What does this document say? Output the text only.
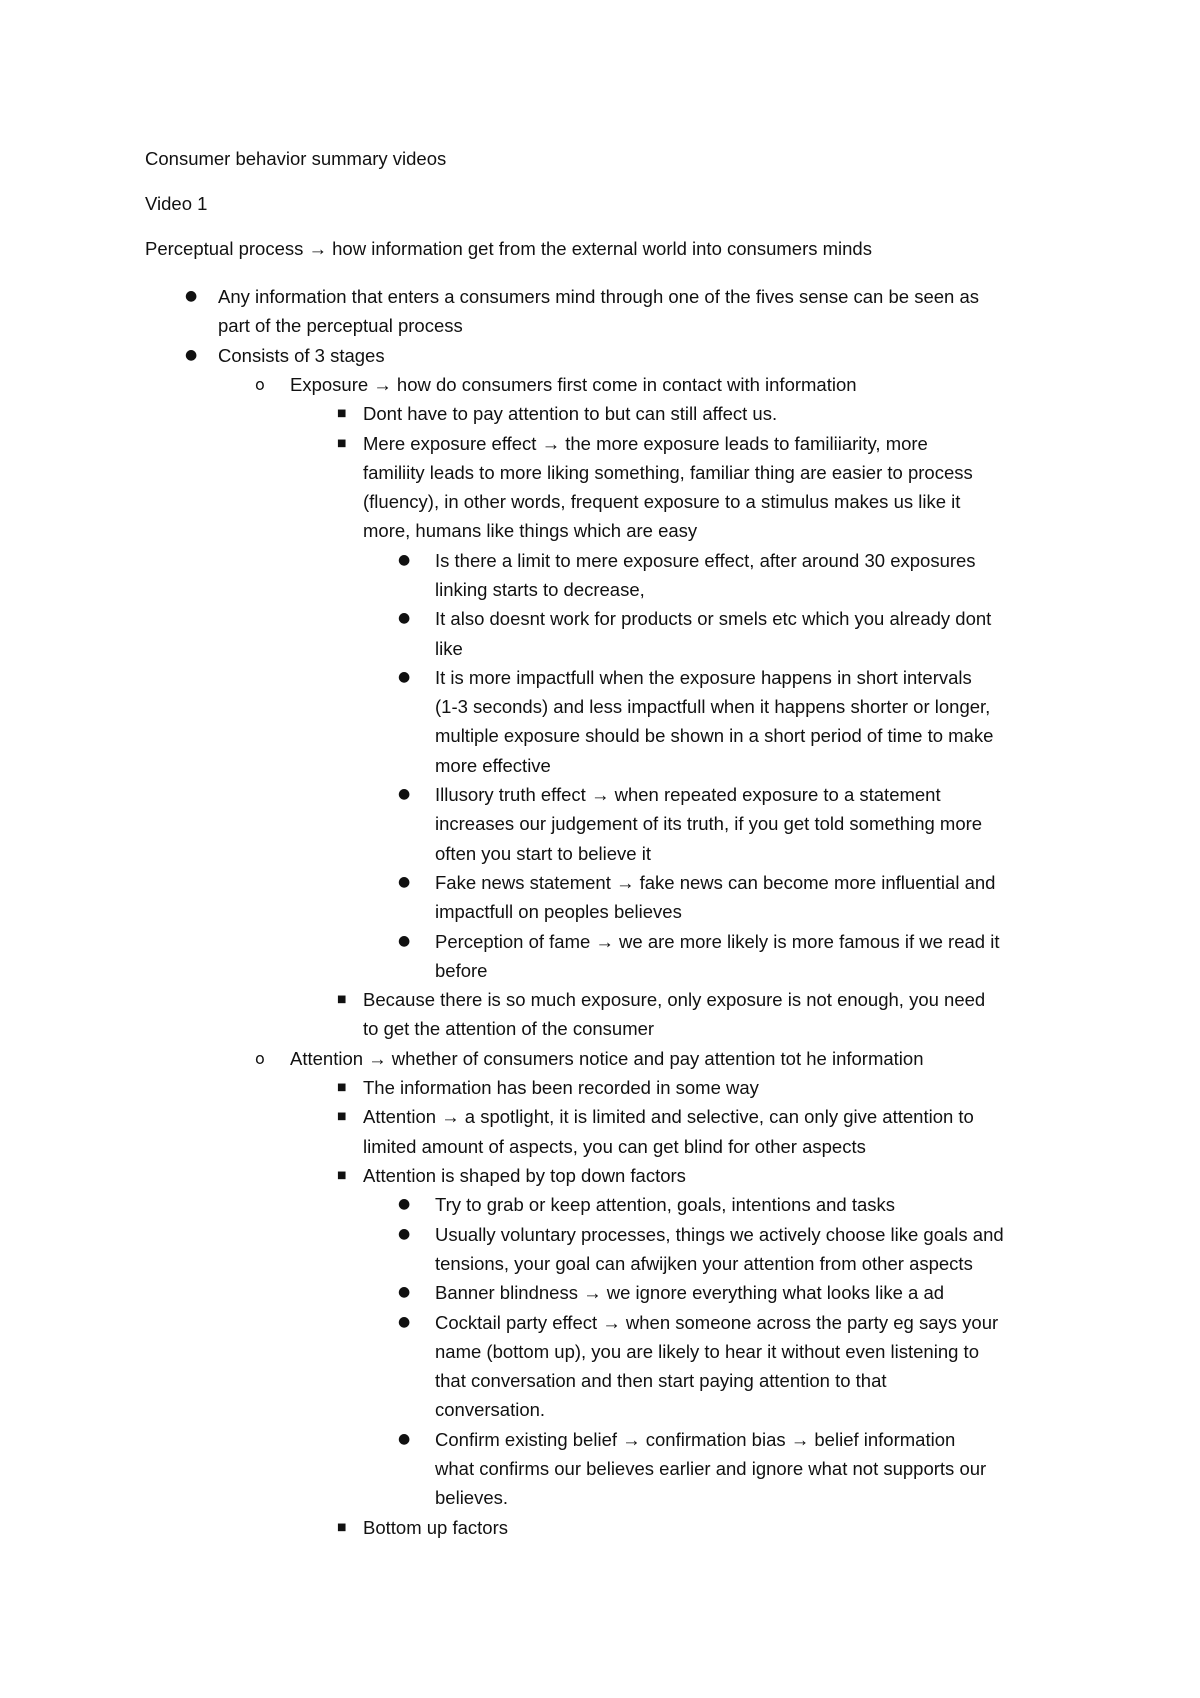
Consumer behavior summary videos
Video 1
Perceptual process → how information get from the external world into consumers minds
● Any information that enters a consumers mind through one of the fives sense can be seen as
part of the perceptual process
● Consists of 3 stages
o Exposure → how do consumers first come in contact with information
■ Dont have to pay attention to but can still affect us.
■ Mere exposure effect → the more exposure leads to familiiarity, more
familiity leads to more liking something, familiar thing are easier to process
(fluency), in other words, frequent exposure to a stimulus makes us like it
more, humans like things which are easy
● Is there a limit to mere exposure effect, after around 30 exposures
linking starts to decrease,
● It also doesnt work for products or smels etc which you already dont
like
● It is more impactfull when the exposure happens in short intervals
(1-3 seconds) and less impactfull when it happens shorter or longer,
multiple exposure should be shown in a short period of time to make
more effective
● Illusory truth effect → when repeated exposure to a statement
increases our judgement of its truth, if you get told something more
often you start to believe it
● Fake news statement → fake news can become more influential and
impactfull on peoples believes
● Perception of fame → we are more likely is more famous if we read it
before
■ Because there is so much exposure, only exposure is not enough, you need
to get the attention of the consumer
o Attention → whether of consumers notice and pay attention tot he information
■ The information has been recorded in some way
■ Attention → a spotlight, it is limited and selective, can only give attention to
limited amount of aspects, you can get blind for other aspects
■ Attention is shaped by top down factors
● Try to grab or keep attention, goals, intentions and tasks
● Usually voluntary processes, things we actively choose like goals and
tensions, your goal can afwijken your attention from other aspects
● Banner blindness → we ignore everything what looks like a ad
● Cocktail party effect → when someone across the party eg says your
name (bottom up), you are likely to hear it without even listening to
that conversation and then start paying attention to that
conversation.
● Confirm existing belief → confirmation bias → belief information
what confirms our believes earlier and ignore what not supports our
believes.
■ Bottom up factors
